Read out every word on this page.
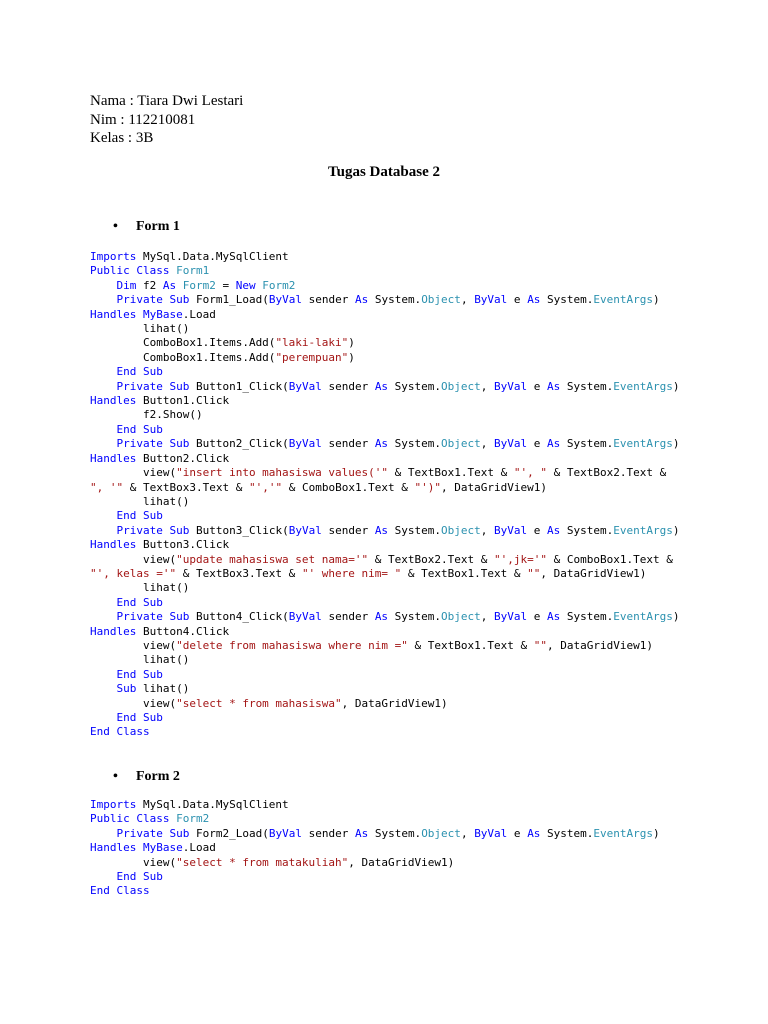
Nama : Tiara Dwi Lestari
Nim : 112210081
Kelas : 3B
Tugas Database 2
• Form 1
Imports MySql.Data.MySqlClient
Public Class Form1
Dim f2 As Form2 = New Form2
Private Sub Form1_Load(ByVal sender As System.Object, ByVal e As System.EventArgs)
Handles MyBase.Load
lihat()
ComboBox1.Items.Add("laki-laki")
ComboBox1.Items.Add("perempuan")
End Sub
Private Sub Button1_Click(ByVal sender As System.Object, ByVal e As System.EventArgs)
Handles Button1.Click
f2.Show()
End Sub
Private Sub Button2_Click(ByVal sender As System.Object, ByVal e As System.EventArgs)
Handles Button2.Click
view("insert into mahasiswa values('" & TextBox1.Text & "', " & TextBox2.Text &
", '" & TextBox3.Text & "','" & ComboBox1.Text & "')", DataGridView1)
lihat()
End Sub
Private Sub Button3_Click(ByVal sender As System.Object, ByVal e As System.EventArgs)
Handles Button3.Click
view("update mahasiswa set nama='" & TextBox2.Text & "',jk='" & ComboBox1.Text &
"', kelas ='" & TextBox3.Text & "' where nim= " & TextBox1.Text & "", DataGridView1)
lihat()
End Sub
Private Sub Button4_Click(ByVal sender As System.Object, ByVal e As System.EventArgs)
Handles Button4.Click
view("delete from mahasiswa where nim =" & TextBox1.Text & "", DataGridView1)
lihat()
End Sub
Sub lihat()
view("select * from mahasiswa", DataGridView1)
End Sub
End Class
• Form 2
Imports MySql.Data.MySqlClient
Public Class Form2
Private Sub Form2_Load(ByVal sender As System.Object, ByVal e As System.EventArgs)
Handles MyBase.Load
view("select * from matakuliah", DataGridView1)
End Sub
End Class
